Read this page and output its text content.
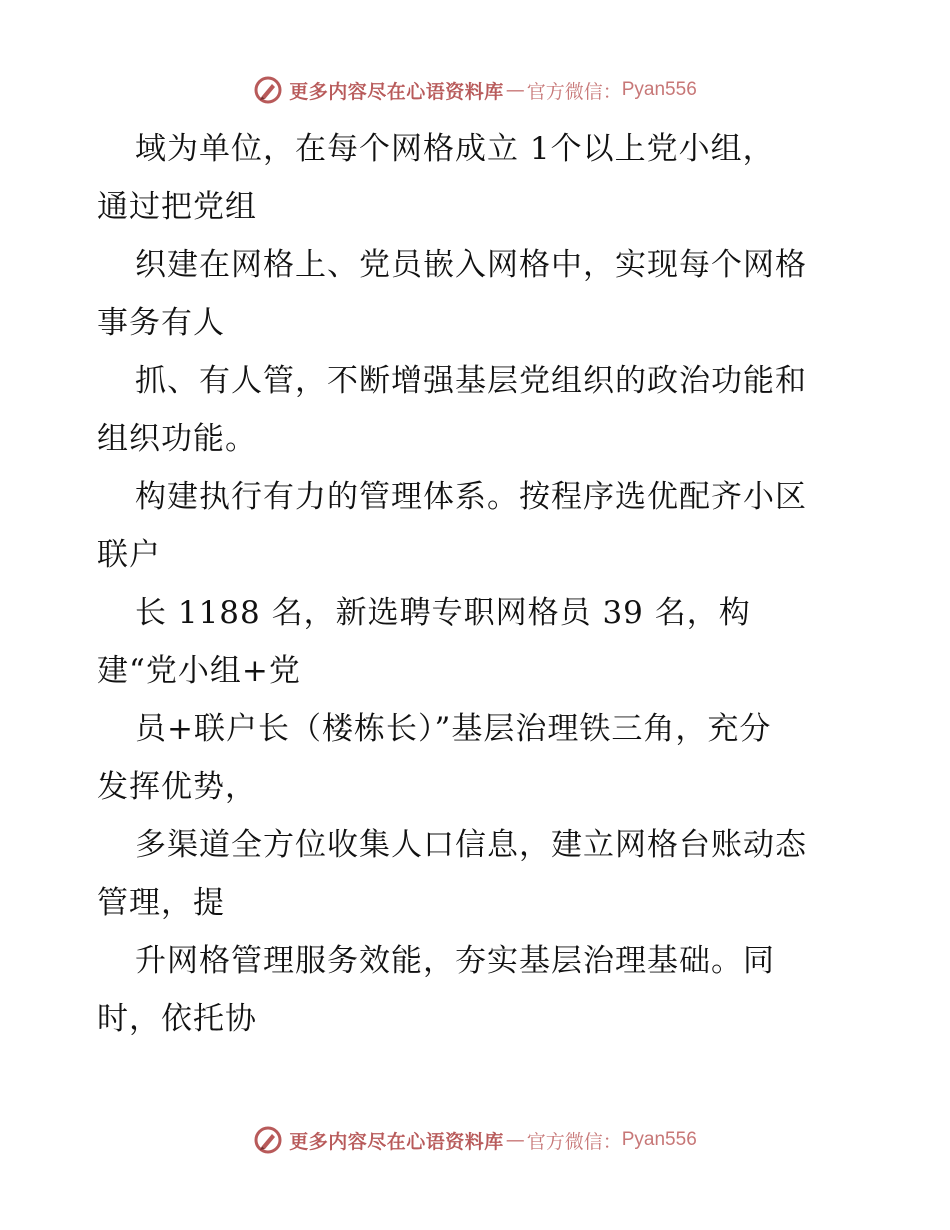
更多内容尽在心语资料库 — 官方微信： Pyan556
域为单位，在每个网格成立 1个以上党小组，
通过把党组
织建在网格上、党员嵌入网格中，实现每个网格
事务有人
抓、有人管，不断增强基层党组织的政治功能和
组织功能。
构建执行有力的管理体系。按程序选优配齐小区
联户
长 1188 名，新选聘专职网格员 39 名，构
建“党小组+党
员+联户长（楼栋长）”基层治理铁三角，充分
发挥优势，
多渠道全方位收集人口信息，建立网格台账动态
管理，提
升网格管理服务效能，夯实基层治理基础。同
时，依托协
更多内容尽在心语资料库 — 官方微信： Pyan556
